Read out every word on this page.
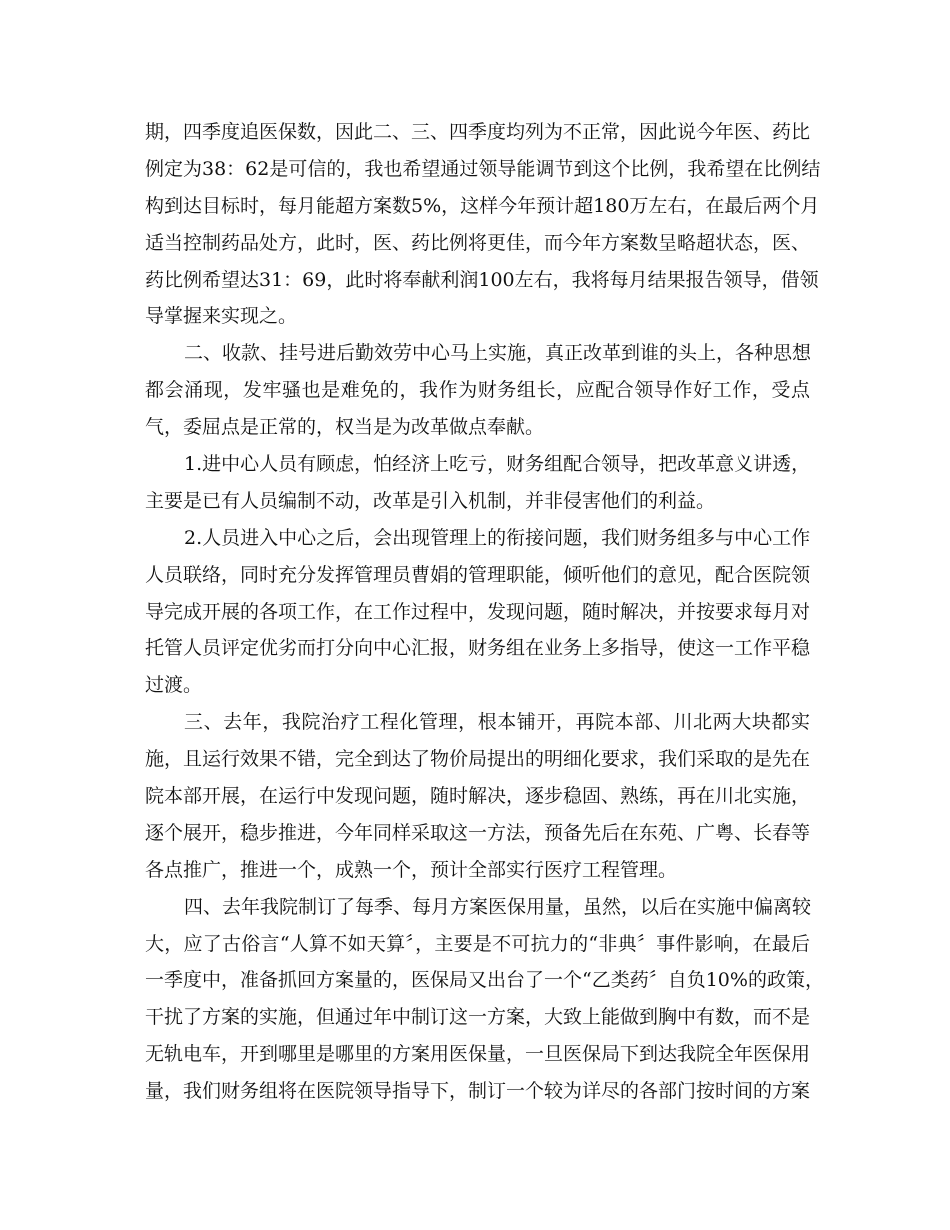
期，四季度追医保数，因此二、三、四季度均列为不正常，因此说今年医、药比
例定为38：62是可信的，我也希望通过领导能调节到这个比例，我希望在比例结
构到达目标时，每月能超方案数5%，这样今年预计超180万左右，在最后两个月
适当控制药品处方，此时，医、药比例将更佳，而今年方案数呈略超状态，医、
药比例希望达31：69，此时将奉献利润100左右，我将每月结果报告领导，借领
导掌握来实现之。
二、收款、挂号进后勤效劳中心马上实施，真正改革到谁的头上，各种思想
都会涌现，发牢骚也是难免的，我作为财务组长，应配合领导作好工作，受点
气，委屈点是正常的，权当是为改革做点奉献。
1.进中心人员有顾虑，怕经济上吃亏，财务组配合领导，把改革意义讲透，
主要是已有人员编制不动，改革是引入机制，并非侵害他们的利益。
2.人员进入中心之后，会出现管理上的衔接问题，我们财务组多与中心工作
人员联络，同时充分发挥管理员曹娟的管理职能，倾听他们的意见，配合医院领
导完成开展的各项工作，在工作过程中，发现问题，随时解决，并按要求每月对
托管人员评定优劣而打分向中心汇报，财务组在业务上多指导，使这一工作平稳
过渡。
三、去年，我院治疗工程化管理，根本铺开，再院本部、川北两大块都实
施，且运行效果不错，完全到达了物价局提出的明细化要求，我们采取的是先在
院本部开展，在运行中发现问题，随时解决，逐步稳固、熟练，再在川北实施，
逐个展开，稳步推进，今年同样采取这一方法，预备先后在东苑、广粤、长春等
各点推广，推进一个，成熟一个，预计全部实行医疗工程管理。
四、去年我院制订了每季、每月方案医保用量，虽然，以后在实施中偏离较
大，应了古俗言“人算不如天算〞，主要是不可抗力的“非典〞事件影响，在最后
一季度中，准备抓回方案量的，医保局又出台了一个“乙类药〞自负10%的政策，
干扰了方案的实施，但通过年中制订这一方案，大致上能做到胸中有数，而不是
无轨电车，开到哪里是哪里的方案用医保量，一旦医保局下到达我院全年医保用
量，我们财务组将在医院领导指导下，制订一个较为详尽的各部门按时间的方案
